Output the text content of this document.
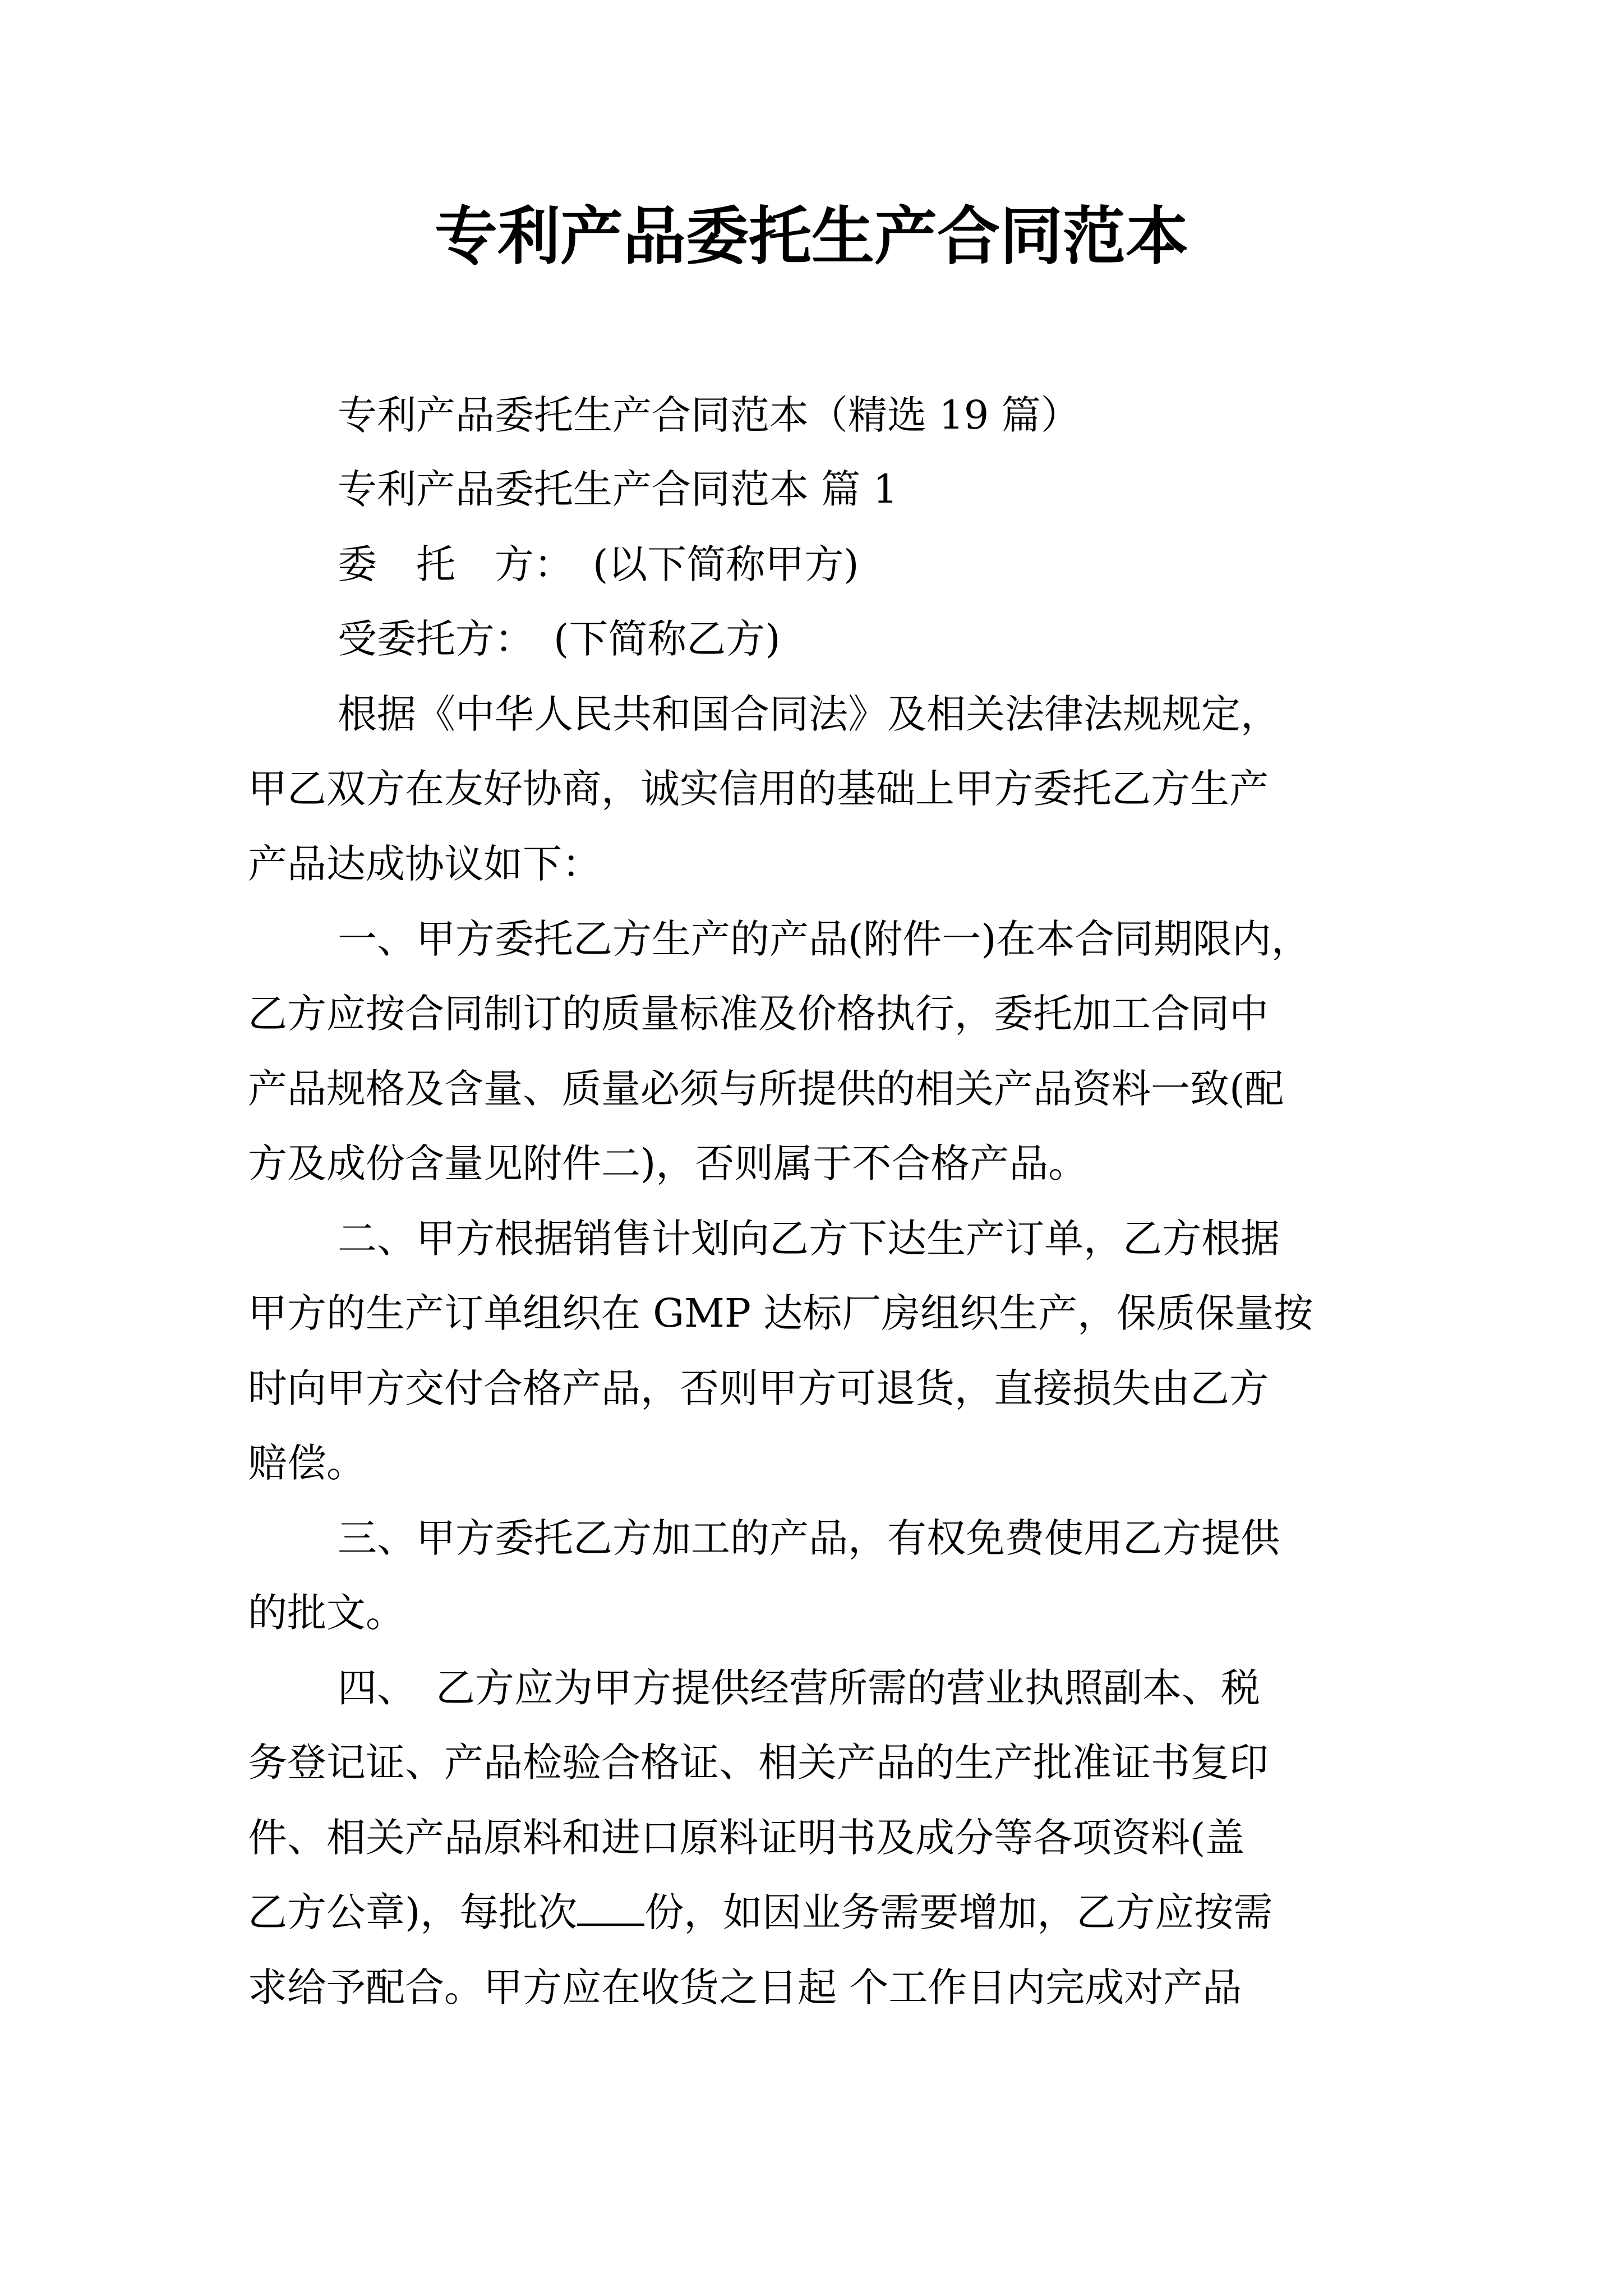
专利产品委托生产合同范本

专利产品委托生产合同范本（精选 19 篇）

专利产品委托生产合同范本 篇 1

委　托　方：　(以下简称甲方)

受委托方：　(下简称乙方)

根据《中华人民共和国合同法》及相关法律法规规定，

甲乙双方在友好协商，诚实信用的基础上甲方委托乙方生产

产品达成协议如下：

一、甲方委托乙方生产的产品(附件一)在本合同期限内，

乙方应按合同制订的质量标准及价格执行，委托加工合同中

产品规格及含量、质量必须与所提供的相关产品资料一致(配

方及成份含量见附件二)，否则属于不合格产品。

二、甲方根据销售计划向乙方下达生产订单，乙方根据

甲方的生产订单组织在 GMP 达标厂房组织生产，保质保量按

时向甲方交付合格产品，否则甲方可退货，直接损失由乙方

赔偿。

三、甲方委托乙方加工的产品，有权免费使用乙方提供

的批文。

四、　乙方应为甲方提供经营所需的营业执照副本、税

务登记证、产品检验合格证、相关产品的生产批准证书复印

件、相关产品原料和进口原料证明书及成分等各项资料(盖

乙方公章)，每批次 份，如因业务需要增加，乙方应按需

求给予配合。甲方应在收货之日起 个工作日内完成对产品
